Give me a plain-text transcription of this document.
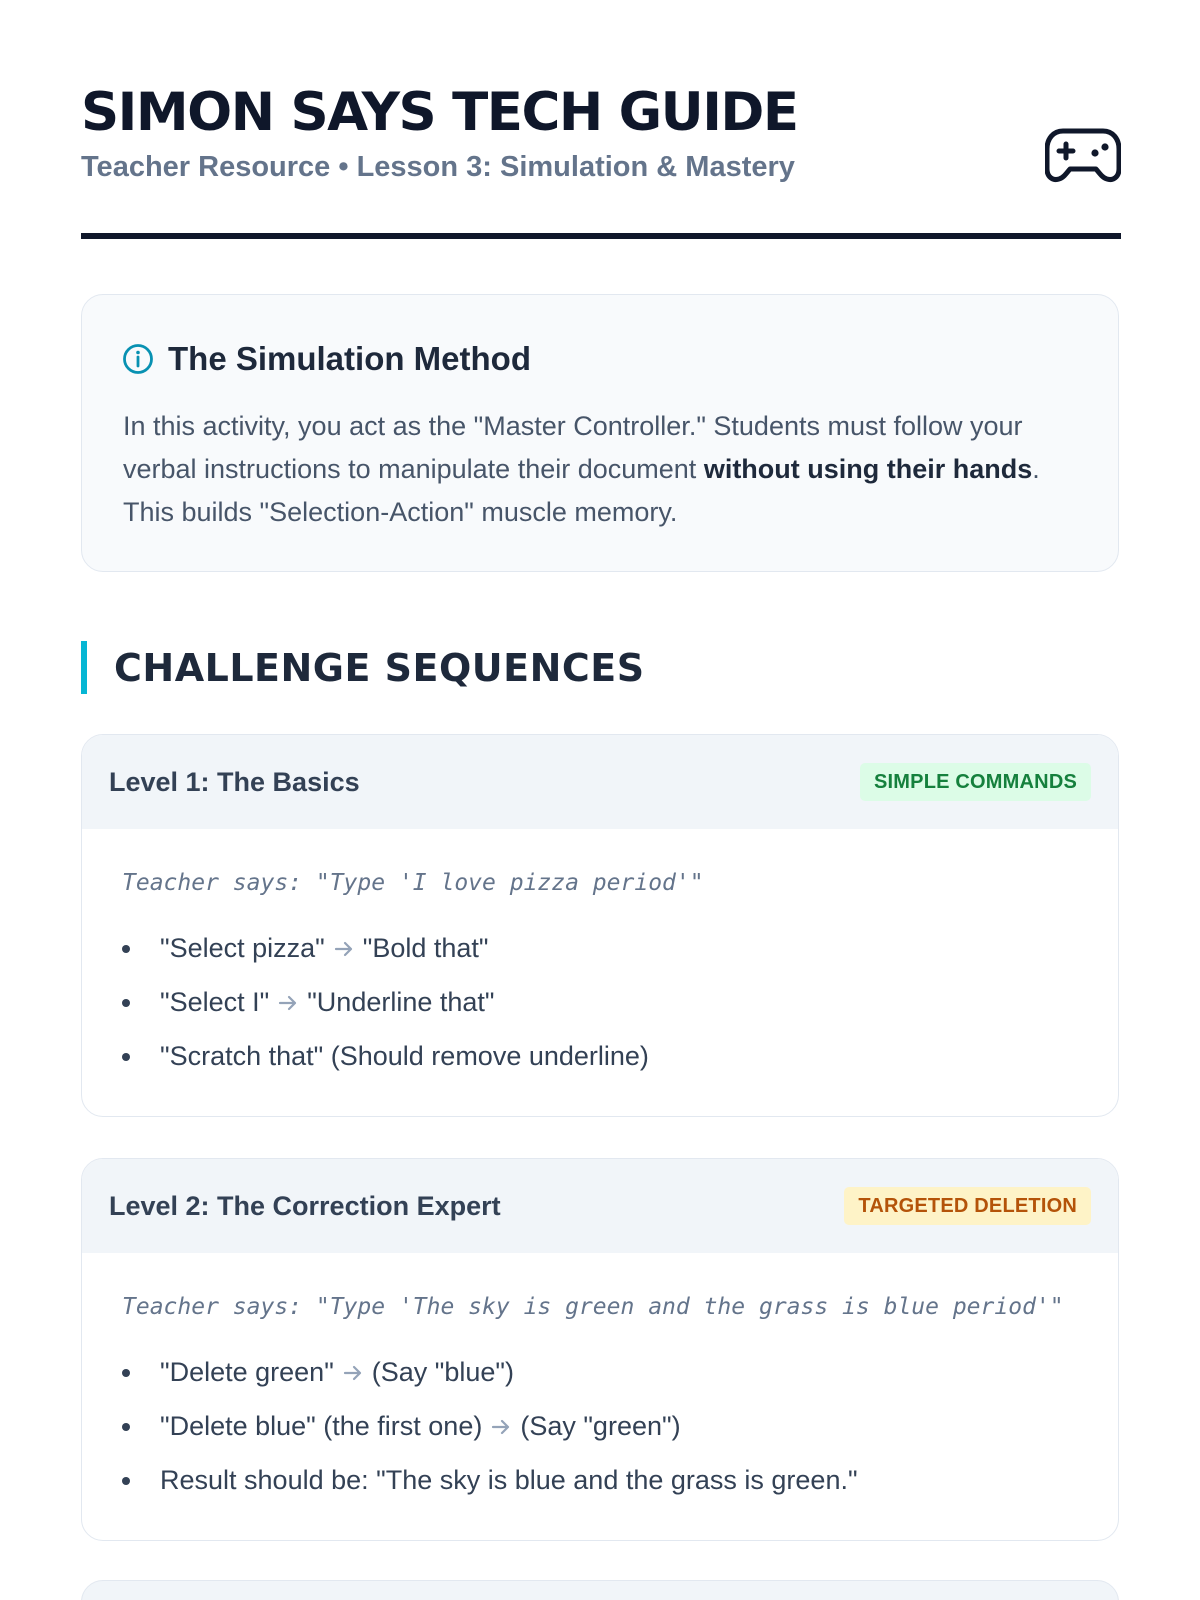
SIMON SAYS TECH GUIDE
Teacher Resource • Lesson 3: Simulation & Mastery
The Simulation Method
In this activity, you act as the "Master Controller." Students must follow your verbal instructions to manipulate their document without using their hands. This builds "Selection-Action" muscle memory.
CHALLENGE SEQUENCES
Level 1: The Basics	SIMPLE COMMANDS
Teacher says: "Type 'I love pizza period'"
"Select pizza" "Bold that"
"Select I" "Underline that"
"Scratch that" (Should remove underline)
Level 2: The Correction Expert	TARGETED DELETION
Teacher says: "Type 'The sky is green and the grass is blue period'"
"Delete green" (Say "blue")
"Delete blue" (the first one) (Say "green")
Result should be: "The sky is blue and the grass is green."
